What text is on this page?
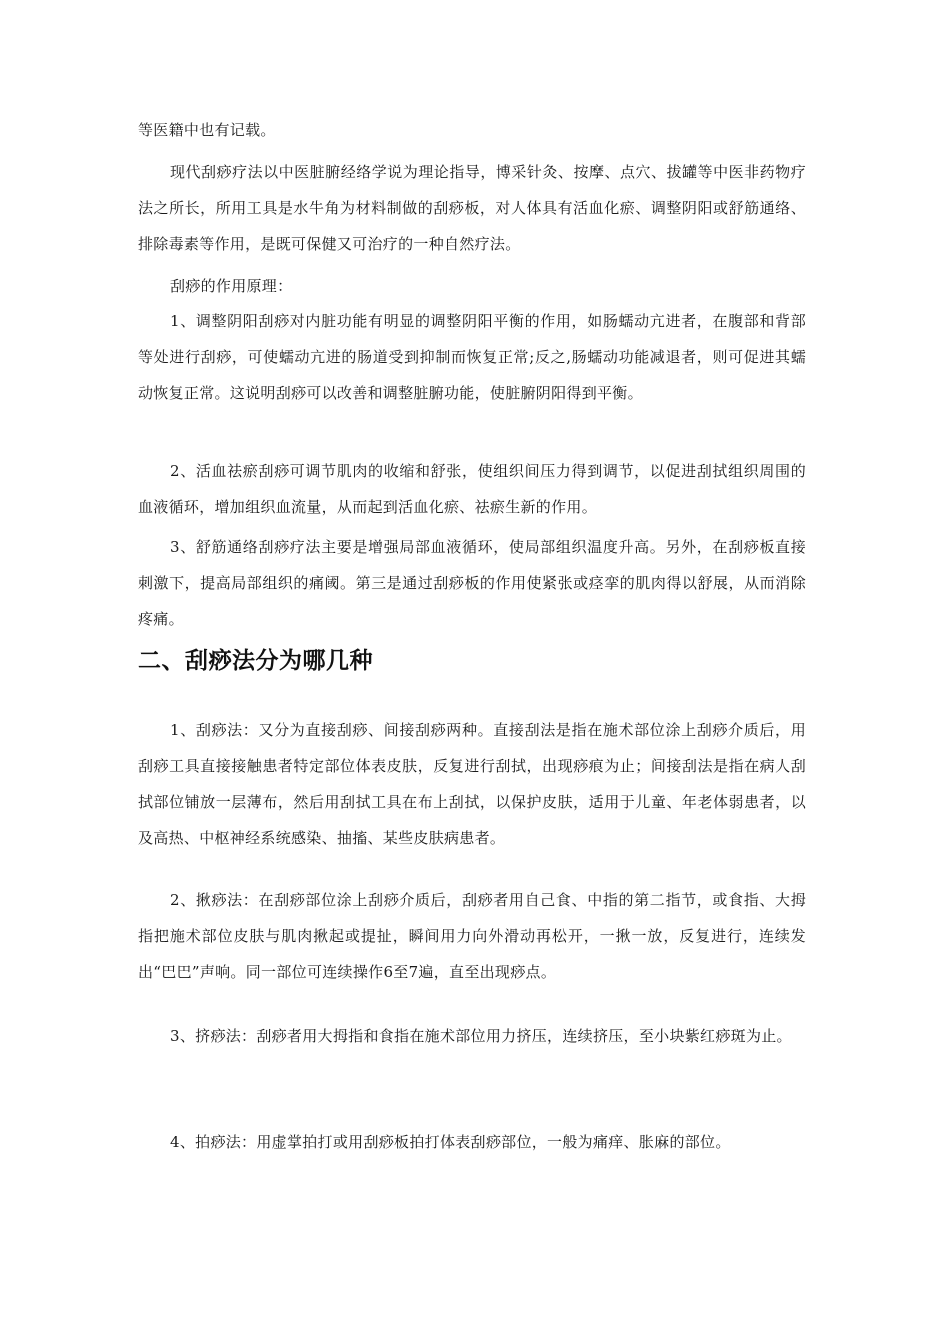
等医籍中也有记载。

现代刮痧疗法以中医脏腑经络学说为理论指导，博采针灸、按摩、点穴、拔罐等中医非药物疗法之所长，所用工具是水牛角为材料制做的刮痧板，对人体具有活血化瘀、调整阴阳或舒筋通络、排除毒素等作用，是既可保健又可治疗的一种自然疗法。

刮痧的作用原理：

1、调整阴阳刮痧对内脏功能有明显的调整阴阳平衡的作用，如肠蠕动亢进者，在腹部和背部等处进行刮痧，可使蠕动亢进的肠道受到抑制而恢复正常;反之,肠蠕动功能减退者，则可促进其蠕动恢复正常。这说明刮痧可以改善和调整脏腑功能，使脏腑阴阳得到平衡。

2、活血祛瘀刮痧可调节肌肉的收缩和舒张，使组织间压力得到调节，以促进刮拭组织周围的血液循环，增加组织血流量，从而起到活血化瘀、祛瘀生新的作用。

3、舒筋通络刮痧疗法主要是增强局部血液循环，使局部组织温度升高。另外，在刮痧板直接刺激下，提高局部组织的痛阈。第三是通过刮痧板的作用使紧张或痉挛的肌肉得以舒展，从而消除疼痛。

二、刮痧法分为哪几种

1、刮痧法：又分为直接刮痧、间接刮痧两种。直接刮法是指在施术部位涂上刮痧介质后，用刮痧工具直接接触患者特定部位体表皮肤，反复进行刮拭，出现痧痕为止；间接刮法是指在病人刮拭部位铺放一层薄布，然后用刮拭工具在布上刮拭，以保护皮肤，适用于儿童、年老体弱患者，以及高热、中枢神经系统感染、抽搐、某些皮肤病患者。

2、揪痧法：在刮痧部位涂上刮痧介质后，刮痧者用自己食、中指的第二指节，或食指、大拇指把施术部位皮肤与肌肉揪起或提扯，瞬间用力向外滑动再松开，一揪一放，反复进行，连续发出“巴巴”声响。同一部位可连续操作6至7遍，直至出现痧点。

3、挤痧法：刮痧者用大拇指和食指在施术部位用力挤压，连续挤压，至小块紫红痧斑为止。

4、拍痧法：用虚掌拍打或用刮痧板拍打体表刮痧部位，一般为痛痒、胀麻的部位。
